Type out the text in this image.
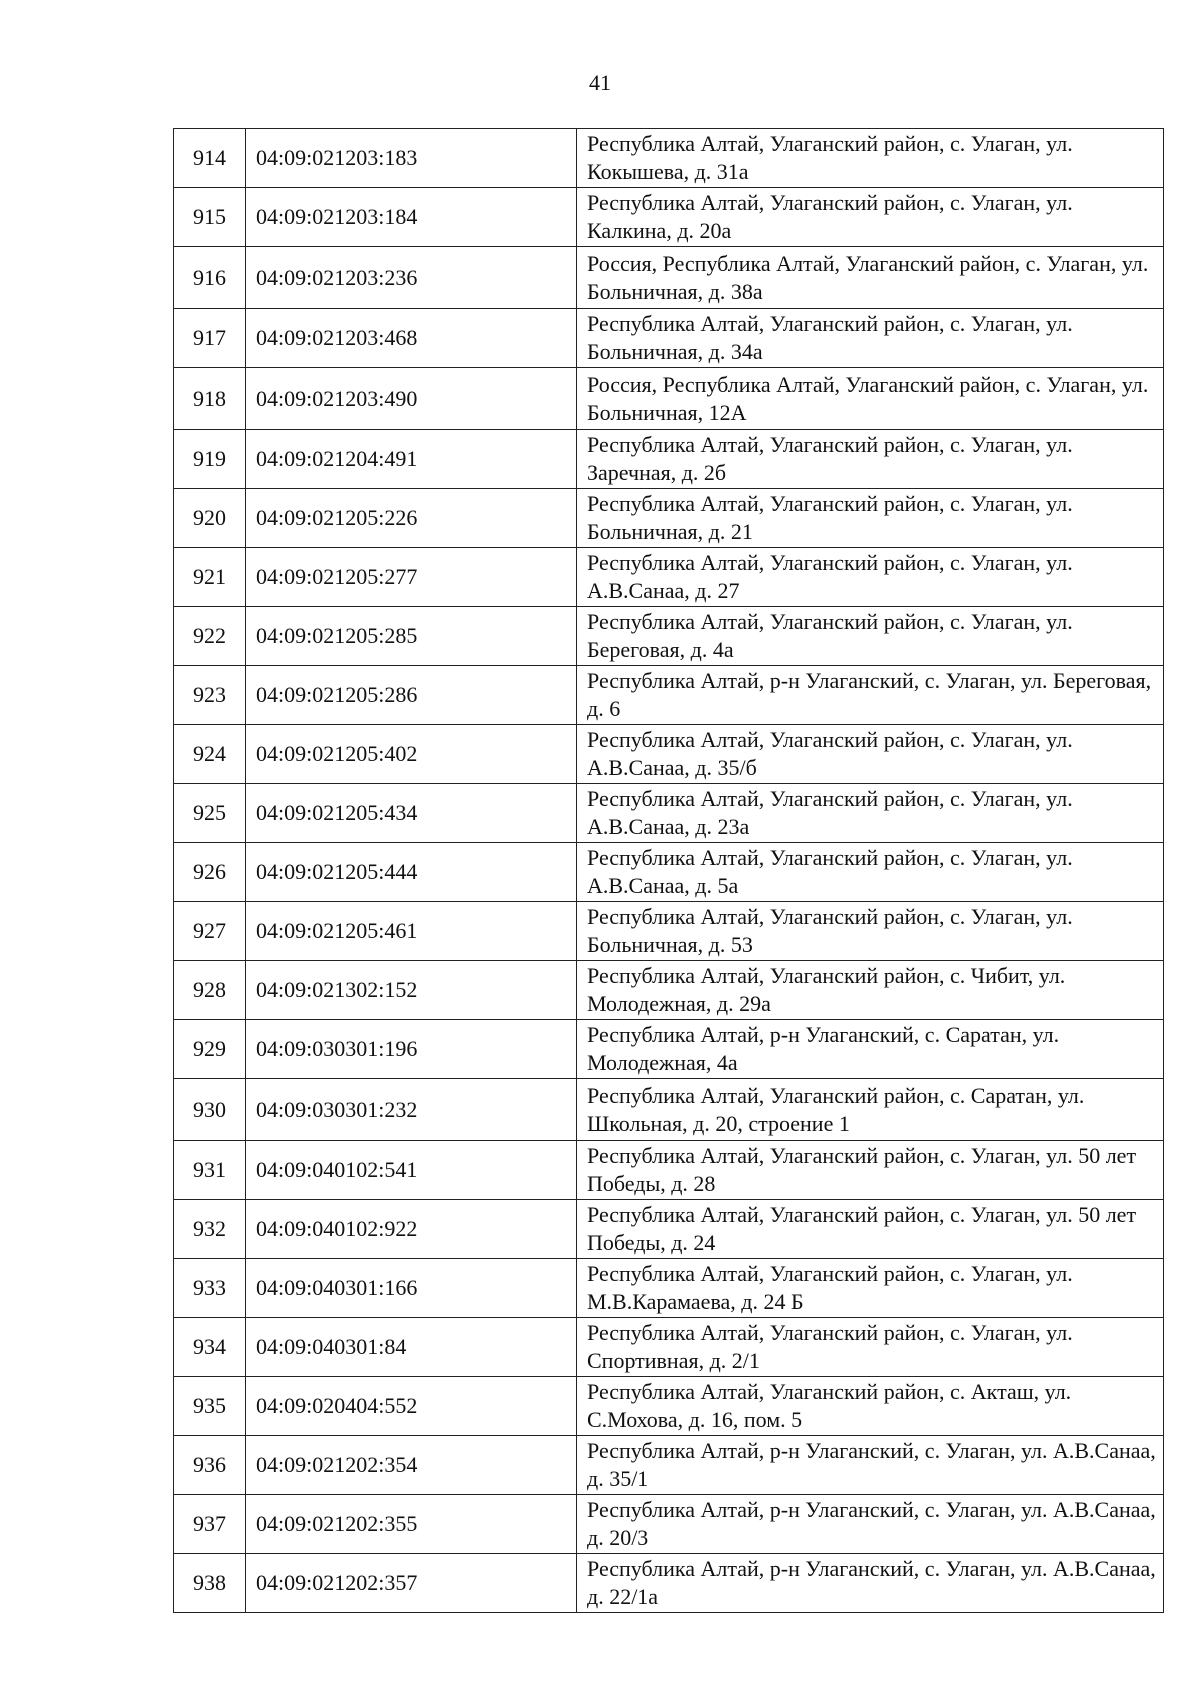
41
914	04:09:021203:183	Республика Алтай, Улаганский район, с. Улаган, ул. Кокышева, д. 31а
915	04:09:021203:184	Республика Алтай, Улаганский район, с. Улаган, ул. Калкина, д. 20а
916	04:09:021203:236	Россия, Республика Алтай, Улаганский район, с. Улаган, ул. Больничная, д. 38а
917	04:09:021203:468	Республика Алтай, Улаганский район, с. Улаган, ул. Больничная, д. 34а
918	04:09:021203:490	Россия, Республика Алтай, Улаганский район, с. Улаган, ул. Больничная, 12А
919	04:09:021204:491	Республика Алтай, Улаганский район, с. Улаган, ул. Заречная, д. 2б
920	04:09:021205:226	Республика Алтай, Улаганский район, с. Улаган, ул. Больничная, д. 21
921	04:09:021205:277	Республика Алтай, Улаганский район, с. Улаган, ул. А.В.Санаа, д. 27
922	04:09:021205:285	Республика Алтай, Улаганский район, с. Улаган, ул. Береговая, д. 4а
923	04:09:021205:286	Республика Алтай, р-н Улаганский, с. Улаган, ул. Береговая, д. 6
924	04:09:021205:402	Республика Алтай, Улаганский район, с. Улаган, ул. А.В.Санаа, д. 35/б
925	04:09:021205:434	Республика Алтай, Улаганский район, с. Улаган, ул. А.В.Санаа, д. 23а
926	04:09:021205:444	Республика Алтай, Улаганский район, с. Улаган, ул. А.В.Санаа, д. 5а
927	04:09:021205:461	Республика Алтай, Улаганский район, с. Улаган, ул. Больничная, д. 53
928	04:09:021302:152	Республика Алтай, Улаганский район, с. Чибит, ул. Молодежная, д. 29а
929	04:09:030301:196	Республика Алтай, р-н Улаганский, с. Саратан, ул. Молодежная, 4а
930	04:09:030301:232	Республика Алтай, Улаганский район, с. Саратан, ул. Школьная, д. 20, строение 1
931	04:09:040102:541	Республика Алтай, Улаганский район, с. Улаган, ул. 50 лет Победы, д. 28
932	04:09:040102:922	Республика Алтай, Улаганский район, с. Улаган, ул. 50 лет Победы, д. 24
933	04:09:040301:166	Республика Алтай, Улаганский район, с. Улаган, ул. М.В.Карамаева, д. 24 Б
934	04:09:040301:84	Республика Алтай, Улаганский район, с. Улаган, ул. Спортивная, д. 2/1
935	04:09:020404:552	Республика Алтай, Улаганский район, с. Акташ, ул. С.Мохова, д. 16, пом. 5
936	04:09:021202:354	Республика Алтай, р-н Улаганский, с. Улаган, ул. А.В.Санаа, д. 35/1
937	04:09:021202:355	Республика Алтай, р-н Улаганский, с. Улаган, ул. А.В.Санаа, д. 20/3
938	04:09:021202:357	Республика Алтай, р-н Улаганский, с. Улаган, ул. А.В.Санаа, д. 22/1а
